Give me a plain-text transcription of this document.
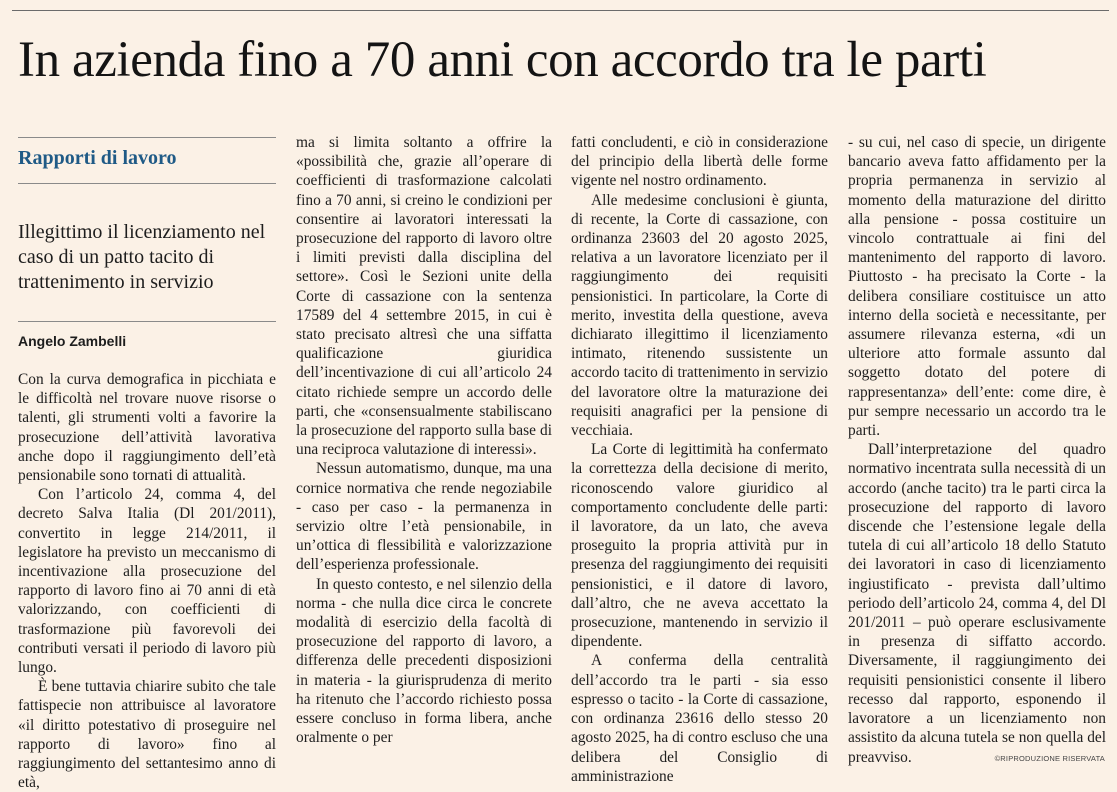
In azienda fino a 70 anni con accordo tra le parti
Rapporti di lavoro
Illegittimo il licenziamento nel caso di un patto tacito di trattenimento in servizio
Angelo Zambelli

Con la curva demografica in picchiata e le difficoltà nel trovare nuove risorse o talenti, gli strumenti volti a favorire la prosecuzione dell’attività lavorativa anche dopo il raggiungimento dell’età pensionabile sono tornati di attualità.

Con l’articolo 24, comma 4, del decreto Salva Italia (Dl 201/2011), convertito in legge 214/2011, il legislatore ha previsto un meccanismo di incentivazione alla prosecuzione del rapporto di lavoro fino ai 70 anni di età valorizzando, con coefficienti di trasformazione più favorevoli dei contributi versati il periodo di lavoro più lungo.

È bene tuttavia chiarire subito che tale fattispecie non attribuisce al lavoratore «il diritto potestativo di proseguire nel rapporto di lavoro» fino al raggiungimento del settantesimo anno di età,

ma si limita soltanto a offrire la «possibilità che, grazie all’operare di coefficienti di trasformazione calcolati fino a 70 anni, si creino le condizioni per consentire ai lavoratori interessati la prosecuzione del rapporto di lavoro oltre i limiti previsti dalla disciplina del settore». Così le Sezioni unite della Corte di cassazione con la sentenza 17589 del 4 settembre 2015, in cui è stato precisato altresì che una siffatta qualificazione giuridica dell’incentivazione di cui all’articolo 24 citato richiede sempre un accordo delle parti, che «consensualmente stabiliscano la prosecuzione del rapporto sulla base di una reciproca valutazione di interessi».

Nessun automatismo, dunque, ma una cornice normativa che rende negoziabile - caso per caso - la permanenza in servizio oltre l’età pensionabile, in un’ottica di flessibilità e valorizzazione dell’esperienza professionale.

In questo contesto, e nel silenzio della norma - che nulla dice circa le concrete modalità di esercizio della facoltà di prosecuzione del rapporto di lavoro, a differenza delle precedenti disposizioni in materia - la giurisprudenza di merito ha ritenuto che l’accordo richiesto possa essere concluso in forma libera, anche oralmente o per

fatti concludenti, e ciò in considerazione del principio della libertà delle forme vigente nel nostro ordinamento.

Alle medesime conclusioni è giunta, di recente, la Corte di cassazione, con ordinanza 23603 del 20 agosto 2025, relativa a un lavoratore licenziato per il raggiungimento dei requisiti pensionistici. In particolare, la Corte di merito, investita della questione, aveva dichiarato illegittimo il licenziamento intimato, ritenendo sussistente un accordo tacito di trattenimento in servizio del lavoratore oltre la maturazione dei requisiti anagrafici per la pensione di vecchiaia.

La Corte di legittimità ha confermato la correttezza della decisione di merito, riconoscendo valore giuridico al comportamento concludente delle parti: il lavoratore, da un lato, che aveva proseguito la propria attività pur in presenza del raggiungimento dei requisiti pensionistici, e il datore di lavoro, dall’altro, che ne aveva accettato la prosecuzione, mantenendo in servizio il dipendente.

A conferma della centralità dell’accordo tra le parti - sia esso espresso o tacito - la Corte di cassazione, con ordinanza 23616 dello stesso 20 agosto 2025, ha di contro escluso che una delibera del Consiglio di amministrazione

- su cui, nel caso di specie, un dirigente bancario aveva fatto affidamento per la propria permanenza in servizio al momento della maturazione del diritto alla pensione - possa costituire un vincolo contrattuale ai fini del mantenimento del rapporto di lavoro. Piuttosto - ha precisato la Corte - la delibera consiliare costituisce un atto interno della società e necessitante, per assumere rilevanza esterna, «di un ulteriore atto formale assunto dal soggetto dotato del potere di rappresentanza» dell’ente: come dire, è pur sempre necessario un accordo tra le parti.

Dall’interpretazione del quadro normativo incentrata sulla necessità di un accordo (anche tacito) tra le parti circa la prosecuzione del rapporto di lavoro discende che l’estensione legale della tutela di cui all’articolo 18 dello Statuto dei lavoratori in caso di licenziamento ingiustificato - prevista dall’ultimo periodo dell’articolo 24, comma 4, del Dl 201/2011 – può operare esclusivamente in presenza di siffatto accordo. Diversamente, il raggiungimento dei requisiti pensionistici consente il libero recesso dal rapporto, esponendo il lavoratore a un licenziamento non assistito da alcuna tutela se non quella del preavviso.	©RIPRODUZIONE RISERVATA
